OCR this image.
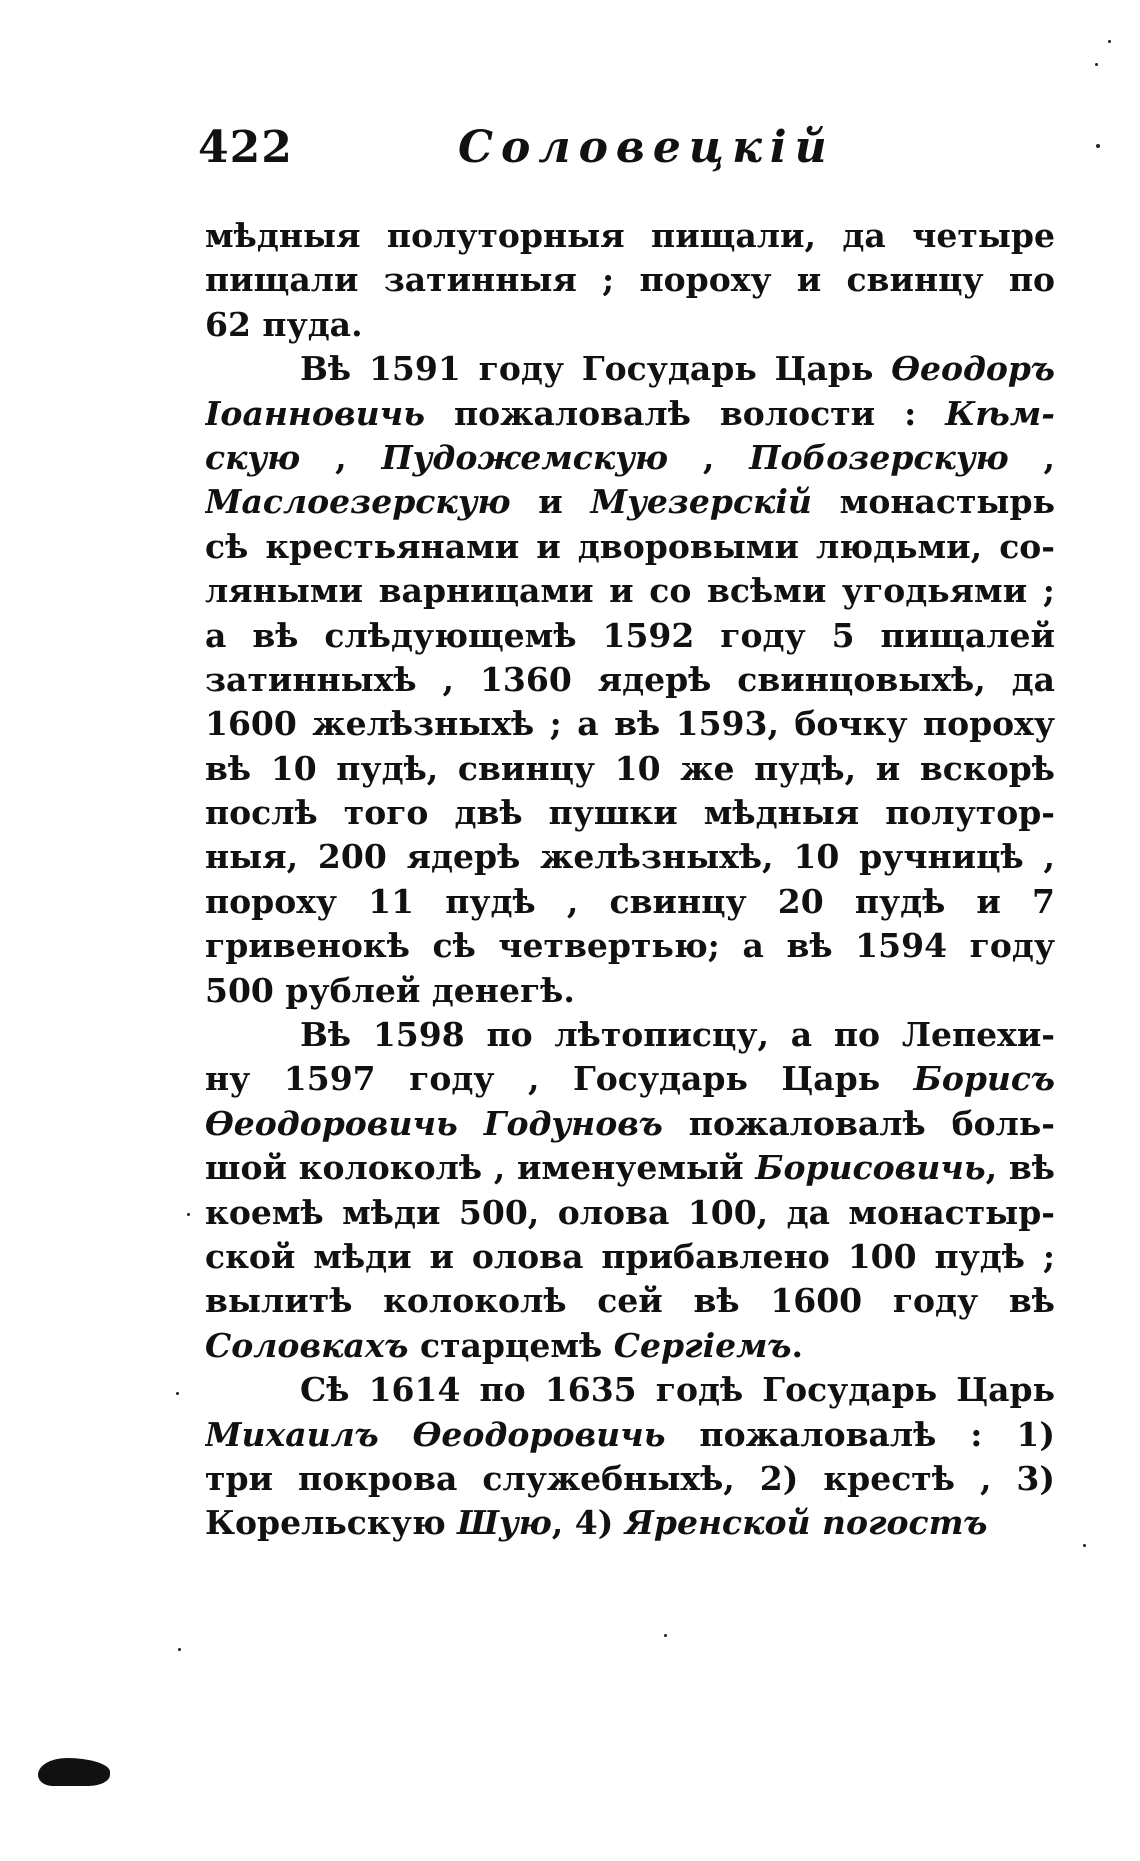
422	Соловецкій
мѣдныя полуторныя пищали, да четыре
пищали затинныя ; пороху и свинцу по
62 пуда.
Вѣ 1591 году Государь Царь Ѳеодоръ
Іоанновичь пожаловалѣ волости : Кѣм-
скую , Пудожемскую , Побозерскую ,
Маслоезерскую и Муезерскій монастырь
сѣ крестьянами и дворовыми людьми, со-
ляными варницами и со всѣми угодьями ;
а вѣ слѣдующемѣ 1592 году 5 пищалей
затинныхѣ , 1360 ядерѣ свинцовыхѣ, да
1600 желѣзныхѣ ; а вѣ 1593, бочку пороху
вѣ 10 пудѣ, свинцу 10 же пудѣ, и вскорѣ
послѣ того двѣ пушки мѣдныя полутор-
ныя, 200 ядерѣ желѣзныхѣ, 10 ручницѣ ,
пороху 11 пудѣ , свинцу 20 пудѣ и 7
гривенокѣ сѣ четвертью; а вѣ 1594 году
500 рублей денегѣ.
Вѣ 1598 по лѣтописцу, а по Лепехи-
ну 1597 году , Государь Царь Борисъ
Ѳеодоровичь Годуновъ пожаловалѣ боль-
шой колоколѣ , именуемый Борисовичь, вѣ
коемѣ мѣди 500, олова 100, да монастыр-
ской мѣди и олова прибавлено 100 пудѣ ;
вылитѣ колоколѣ сей вѣ 1600 году вѣ
Соловкахъ старцемѣ Сергіемъ.
Сѣ 1614 по 1635 годѣ Государь Царь
Михаилъ Ѳеодоровичь пожаловалѣ : 1)
три покрова служебныхѣ, 2) крестѣ , 3)
Корельскую Шую, 4) Яренской погостъ
